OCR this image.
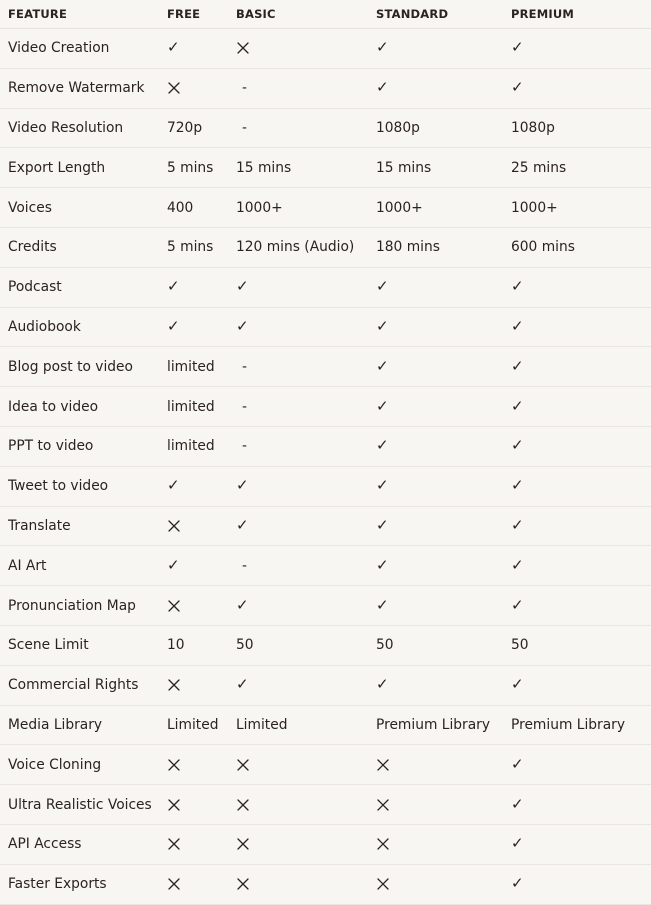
FEATURE	FREE	BASIC	STANDARD	PREMIUM
Video Creation	✓		✓	✓
Remove Watermark		-	✓	✓
Video Resolution	720p	-	1080p	1080p
Export Length	5 mins	15 mins	15 mins	25 mins
Voices	400	1000+	1000+	1000+
Credits	5 mins	120 mins (Audio)	180 mins	600 mins
Podcast	✓	✓	✓	✓
Audiobook	✓	✓	✓	✓
Blog post to video	limited	-	✓	✓
Idea to video	limited	-	✓	✓
PPT to video	limited	-	✓	✓
Tweet to video	✓	✓	✓	✓
Translate		✓	✓	✓
AI Art	✓	-	✓	✓
Pronunciation Map		✓	✓	✓
Scene Limit	10	50	50	50
Commercial Rights		✓	✓	✓
Media Library	Limited	Limited	Premium Library	Premium Library
Voice Cloning				✓
Ultra Realistic Voices				✓
API Access				✓
Faster Exports				✓
